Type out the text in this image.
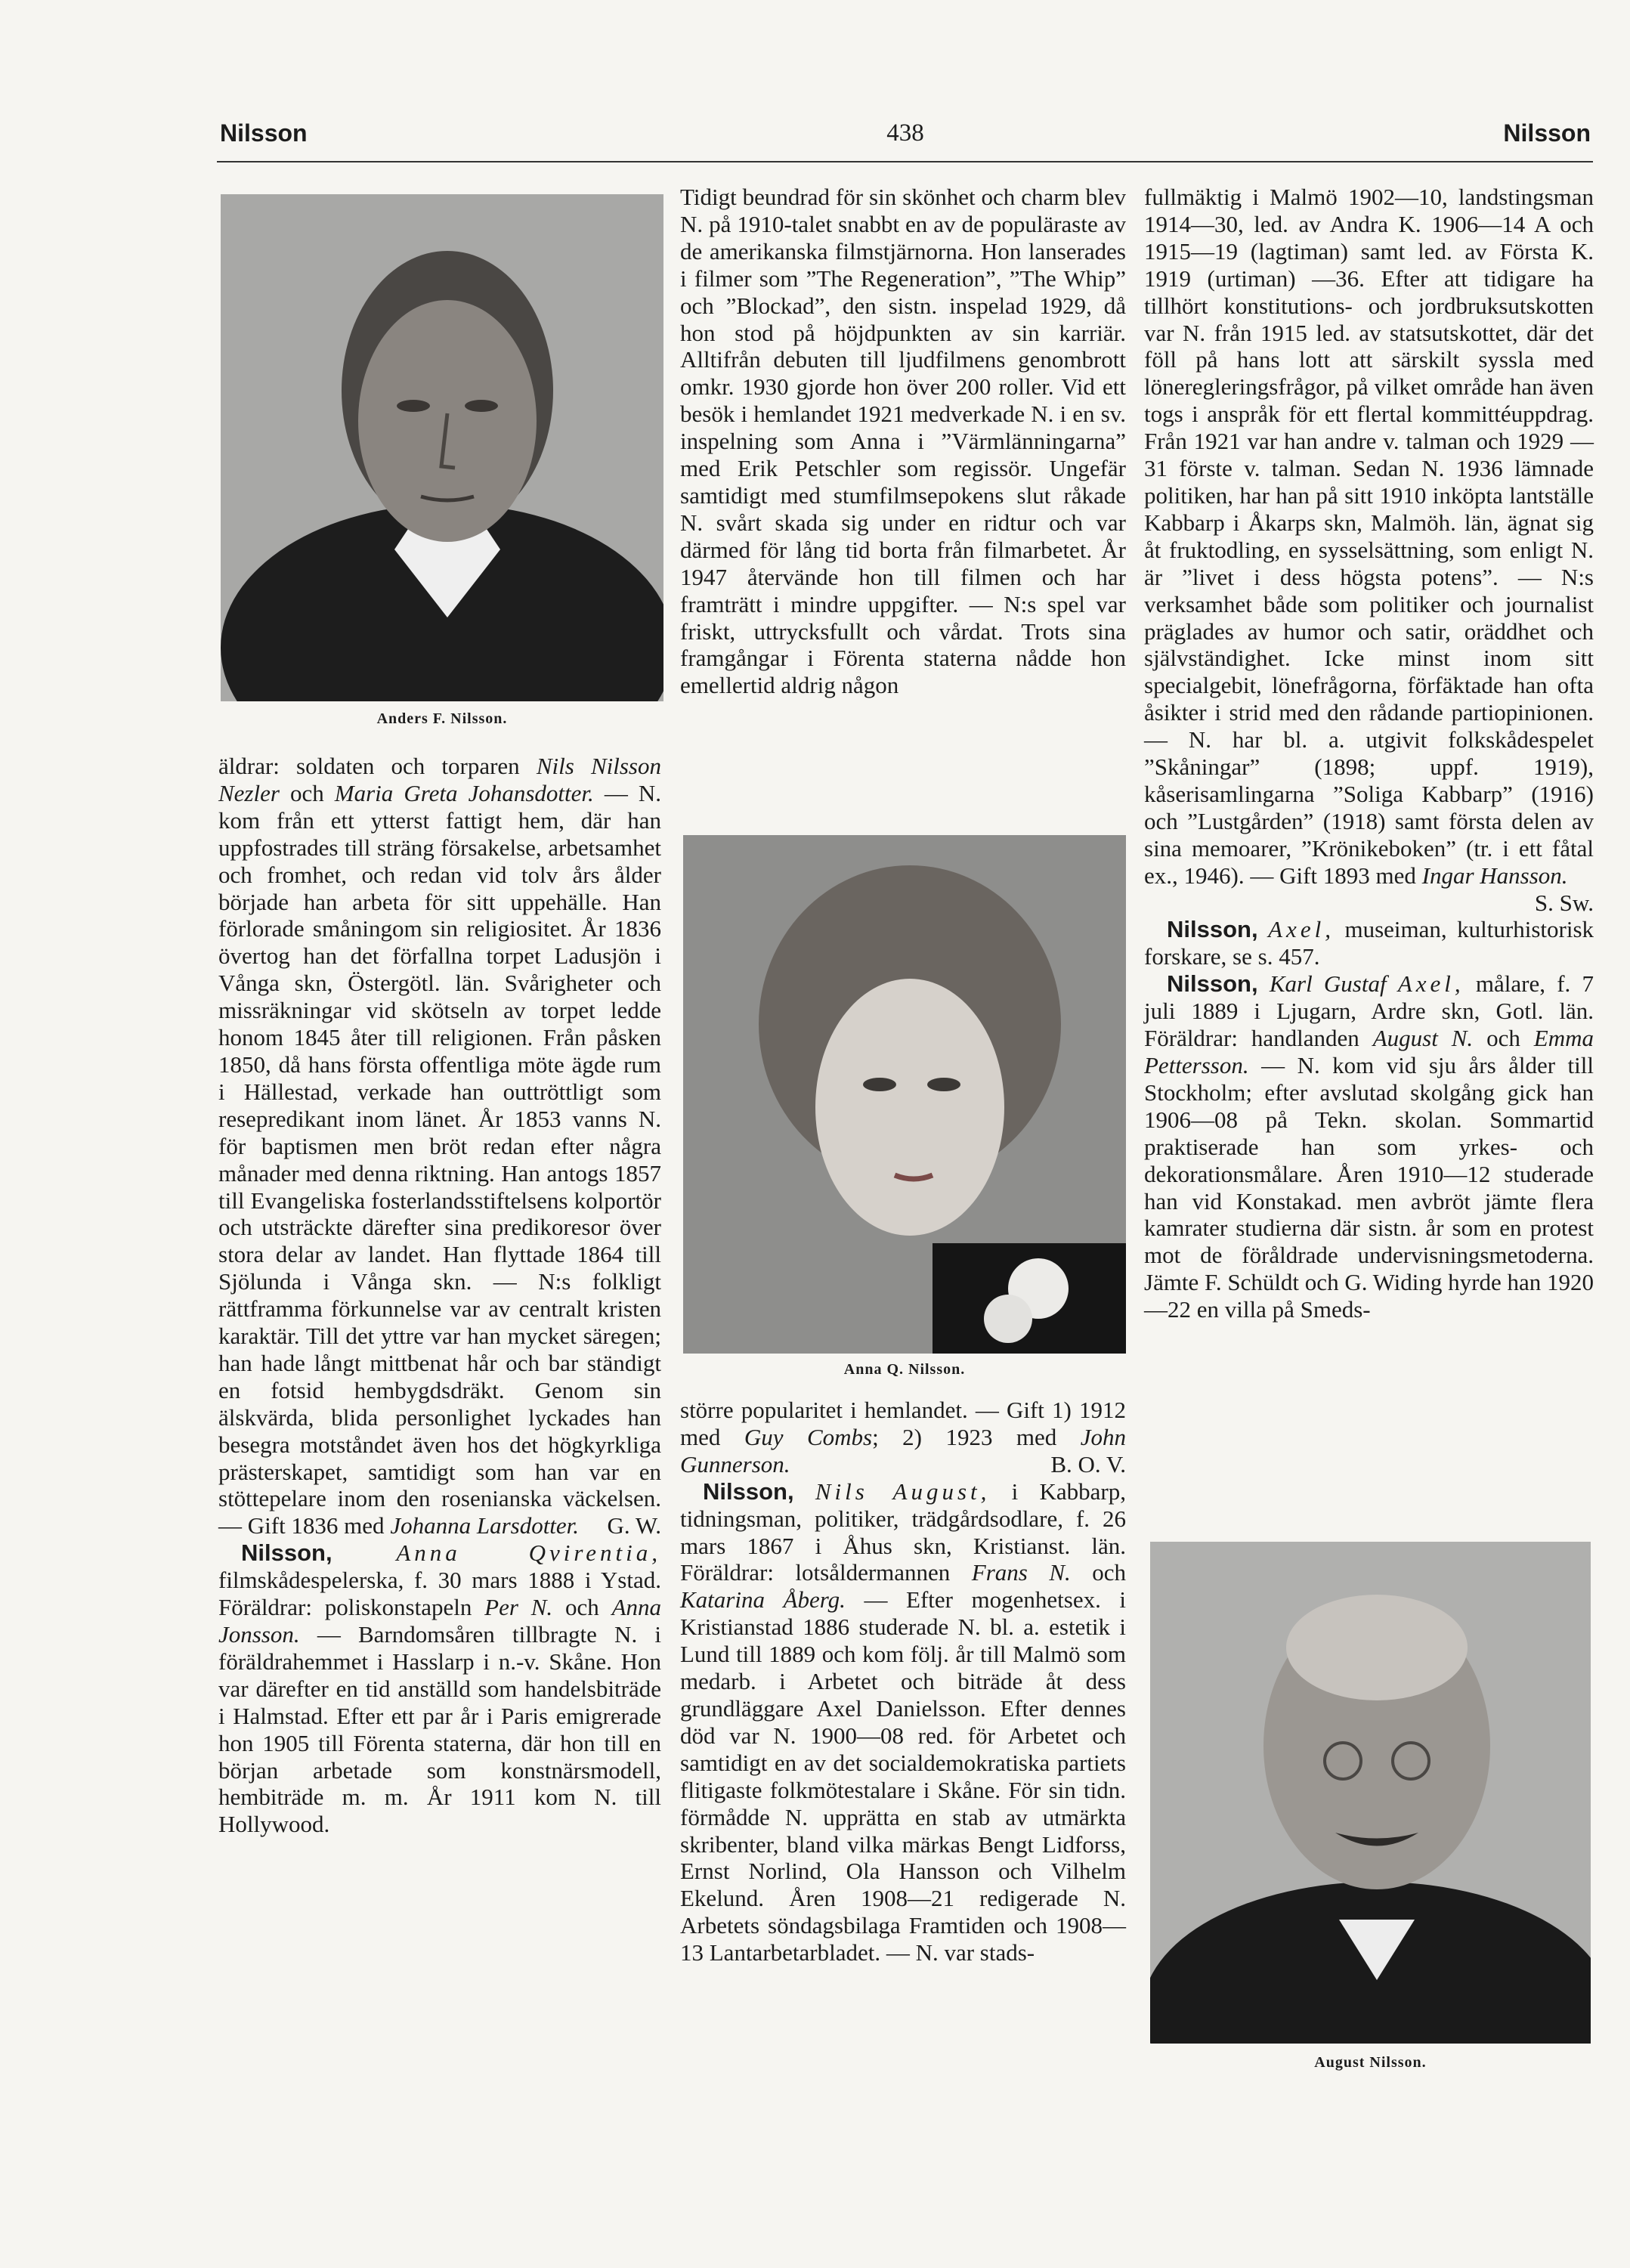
Nilsson	438	Nilsson
Anders F. Nilsson.

äldrar: soldaten och torparen Nils Nilsson Nezler och Maria Greta Johansdotter. — N. kom från ett ytterst fattigt hem, där han uppfostrades till sträng försakelse, arbetsamhet och fromhet, och redan vid tolv års ålder började han arbeta för sitt uppehälle. Han förlorade småningom sin religiositet. År 1836 övertog han det förfallna torpet Ladusjön i Vånga skn, Östergötl. län. Svårigheter och missräkningar vid skötseln av torpet ledde honom 1845 åter till religionen. Från påsken 1850, då hans första offentliga möte ägde rum i Hällestad, verkade han outtröttligt som resepredikant inom länet. År 1853 vanns N. för baptismen men bröt redan efter några månader med denna riktning. Han antogs 1857 till Evangeliska fosterlandsstiftelsens kolportör och utsträckte därefter sina predikoresor över stora delar av landet. Han flyttade 1864 till Sjölunda i Vånga skn. — N:s folkligt rättframma förkunnelse var av centralt kristen karaktär. Till det yttre var han mycket säregen; han hade långt mittbenat hår och bar ständigt en fotsid hembygdsdräkt. Genom sin älskvärda, blida personlighet lyckades han besegra motståndet även hos det högkyrkliga prästerskapet, samtidigt som han var en stöttepelare inom den rosenianska väckelsen. — Gift 1836 med Johanna Larsdotter. G. W.

Nilsson,	Anna Qvirentia, filmskådespelerska, f. 30 mars 1888 i Ystad. Föräldrar: poliskonstapeln Per N. och Anna Jonsson. — Barndomsåren tillbragte N. i föräldrahemmet i Hasslarp i n.-v. Skåne. Hon var därefter en tid anställd som handelsbiträde i Halmstad. Efter ett par år i Paris emigrerade hon 1905 till Förenta staterna, där hon till en början arbetade som konstnärsmodell, hembiträde m. m. År 1911 kom N. till Hollywood.

Tidigt beundrad för sin skönhet och charm blev N. på 1910-talet snabbt en av de populäraste av de amerikanska filmstjärnorna. Hon lanserades i filmer som ”The Regeneration”, ”The Whip” och ”Blockad”, den sistn. inspelad 1929, då hon stod på höjdpunkten av sin karriär. Alltifrån debuten till ljudfilmens genombrott omkr. 1930 gjorde hon över 200 roller. Vid ett besök i hemlandet 1921 medverkade N. i en sv. inspelning som Anna i ”Värmlänningarna” med Erik Petschler som regissör. Ungefär samtidigt med stumfilmsepokens slut råkade N. svårt skada sig under en ridtur och var därmed för lång tid borta från filmarbetet. År 1947 återvände hon till filmen och har framträtt i mindre uppgifter. — N:s spel var friskt, uttrycksfullt och vårdat. Trots sina framgångar i Förenta staterna nådde hon emellertid aldrig någon

Anna Q. Nilsson.

större popularitet i hemlandet. — Gift 1) 1912 med Guy Combs; 2) 1923 med John Gunnerson.	B. O. V.

Nilsson, Nils August, i Kabbarp, tidningsman, politiker, trädgårdsodlare, f. 26 mars 1867 i Åhus skn, Kristianst. län. Föräldrar: lotsåldermannen Frans N. och Katarina Åberg. — Efter mogenhetsex. i Kristianstad 1886 studerade N. bl. a. estetik i Lund till 1889 och kom följ. år till Malmö som medarb. i Arbetet och biträde åt dess grundläggare Axel Danielsson. Efter dennes död var N. 1900—08 red. för Arbetet och samtidigt en av det socialdemokratiska partiets flitigaste folkmötestalare i Skåne. För sin tidn. förmådde N. upprätta en stab av utmärkta skribenter, bland vilka märkas Bengt Lidforss, Ernst Norlind, Ola Hansson och Vilhelm Ekelund. Åren 1908—21 redigerade N. Arbetets söndagsbilaga Framtiden och 1908—13 Lantarbetarbladet. — N. var stads-

fullmäktig i Malmö 1902—10, landstingsman 1914—30, led. av Andra K. 1906—14 A och 1915—19 (lagtiman) samt led. av Första K. 1919 (urtiman) —36. Efter att tidigare ha tillhört konstitutions- och jordbruksutskotten var N. från 1915 led. av statsutskottet, där det föll på hans lott att särskilt syssla med löneregleringsfrågor, på vilket område han även togs i anspråk för ett flertal kommittéuppdrag. Från 1921 var han andre v. talman och 1929 —31 förste v. talman. Sedan N. 1936 lämnade politiken, har han på sitt 1910 inköpta lantställe Kabbarp i Åkarps skn, Malmöh. län, ägnat sig åt fruktodling, en sysselsättning, som enligt N. är ”livet i dess högsta potens”. — N:s verksamhet både som politiker och journalist präglades av humor och satir, oräddhet och självständighet. Icke minst inom sitt specialgebit, lönefrågorna, förfäktade han ofta åsikter i strid med den rådande partiopinionen. — N. har bl. a. utgivit folkskådespelet ”Skåningar” (1898; uppf. 1919), kåserisamlingarna ”Soliga Kabbarp” (1916) och ”Lustgården” (1918) samt första delen av sina memoarer, ”Krönikeboken” (tr. i ett fåtal ex., 1946). — Gift 1893 med Ingar Hansson.
S. Sw.

Nilsson, Axel, museiman, kulturhistorisk forskare, se s. 457.

Nilsson, Karl Gustaf Axel, målare, f. 7 juli 1889 i Ljugarn, Ardre skn, Gotl. län. Föräldrar: handlanden August N. och Emma Pettersson. — N. kom vid sju års ålder till Stockholm; efter avslutad skolgång gick han 1906—08 på Tekn. skolan. Sommartid praktiserade han som yrkes- och dekorationsmålare. Åren 1910—12 studerade han vid Konstakad. men avbröt jämte flera kamrater studierna där sistn. år som en protest mot de föråldrade undervisningsmetoderna. Jämte F. Schüldt och G. Widing hyrde han 1920—22 en villa på Smeds-

August Nilsson.
